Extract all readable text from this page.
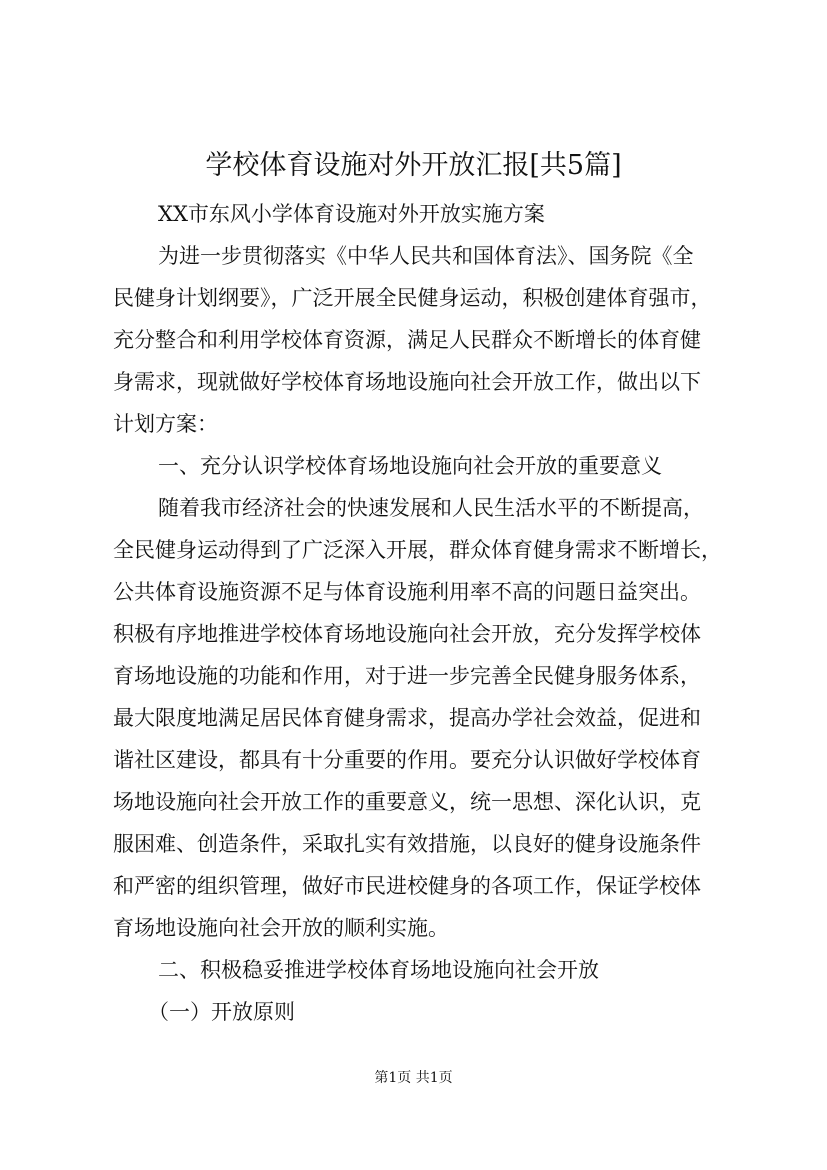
学校体育设施对外开放汇报[共5篇]
XX市东风小学体育设施对外开放实施方案
为进一步贯彻落实《中华人民共和国体育法》、国务院《全
民健身计划纲要》，广泛开展全民健身运动，积极创建体育强市，
充分整合和利用学校体育资源，满足人民群众不断增长的体育健
身需求，现就做好学校体育场地设施向社会开放工作，做出以下
计划方案：
一、充分认识学校体育场地设施向社会开放的重要意义
随着我市经济社会的快速发展和人民生活水平的不断提高，
全民健身运动得到了广泛深入开展，群众体育健身需求不断增长，
公共体育设施资源不足与体育设施利用率不高的问题日益突出。
积极有序地推进学校体育场地设施向社会开放，充分发挥学校体
育场地设施的功能和作用，对于进一步完善全民健身服务体系，
最大限度地满足居民体育健身需求，提高办学社会效益，促进和
谐社区建设，都具有十分重要的作用。要充分认识做好学校体育
场地设施向社会开放工作的重要意义，统一思想、深化认识，克
服困难、创造条件，采取扎实有效措施，以良好的健身设施条件
和严密的组织管理，做好市民进校健身的各项工作，保证学校体
育场地设施向社会开放的顺利实施。
二、积极稳妥推进学校体育场地设施向社会开放
（一）开放原则
第1页 共1页
